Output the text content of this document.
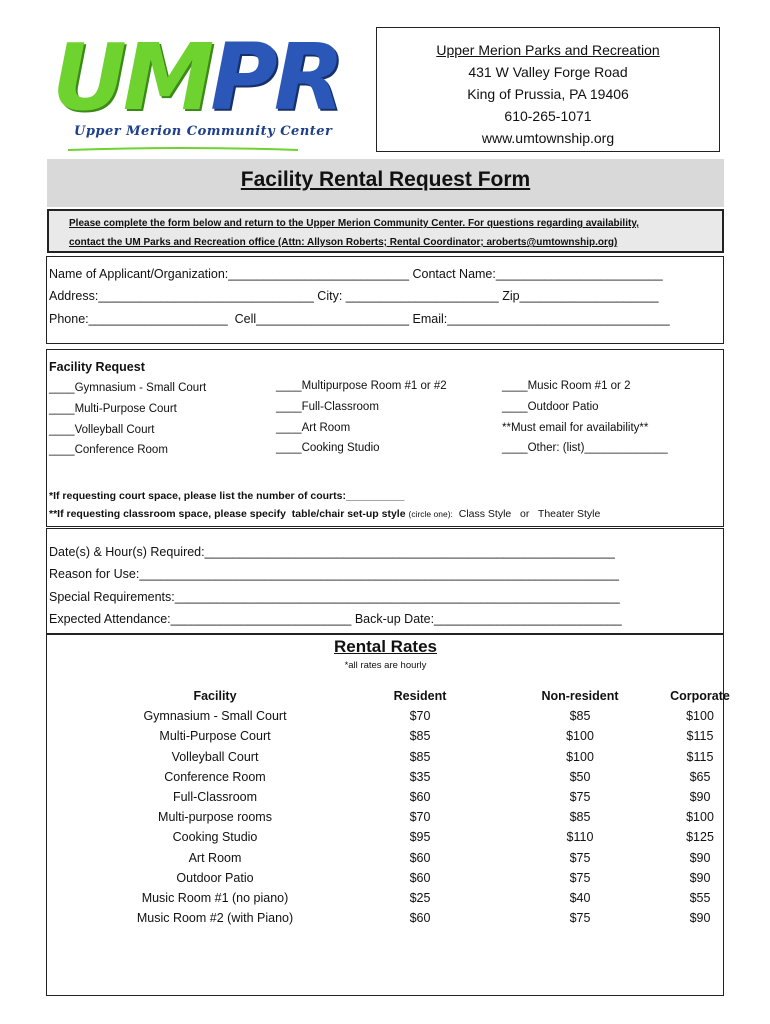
UMPR
Upper Merion Community Center
Upper Merion Parks and Recreation
431 W Valley Forge Road
King of Prussia, PA 19406
610-265-1071
www.umtownship.org
Facility Rental Request Form
Please complete the form below and return to the Upper Merion Community Center. For questions regarding availability,
contact the UM Parks and Recreation office (Attn: Allyson Roberts; Rental Coordinator; aroberts@umtownship.org)
Name of Applicant/Organization:__________________________ Contact Name:________________________
Address:_______________________________ City: ______________________ Zip____________________
Phone:____________________  Cell______________________ Email:________________________________
Facility Request
____Gymnasium - Small Court
____Multi-Purpose Court
____Volleyball Court
____Conference Room
____Multipurpose Room #1 or #2
____Full-Classroom
____Art Room
____Cooking Studio
____Music Room #1 or 2
____Outdoor Patio
**Must email for availability**
____Other: (list)_____________
*If requesting court space, please list the number of courts:__________
**If requesting classroom space, please specify  table/chair set-up style (circle one): Class Style   or   Theater Style
Date(s) & Hour(s) Required:___________________________________________________________
Reason for Use:_____________________________________________________________________
Special Requirements:________________________________________________________________
Expected Attendance:__________________________ Back-up Date:___________________________
Rental Rates
*all rates are hourly
Facility	Resident	Non-resident	Corporate
Gymnasium - Small Court	$70	$85	$100
Multi-Purpose Court	$85	$100	$115
Volleyball Court	$85	$100	$115
Conference Room	$35	$50	$65
Full-Classroom	$60	$75	$90
Multi-purpose rooms	$70	$85	$100
Cooking Studio	$95	$110	$125
Art Room	$60	$75	$90
Outdoor Patio	$60	$75	$90
Music Room #1 (no piano)	$25	$40	$55
Music Room #2 (with Piano)	$60	$75	$90
